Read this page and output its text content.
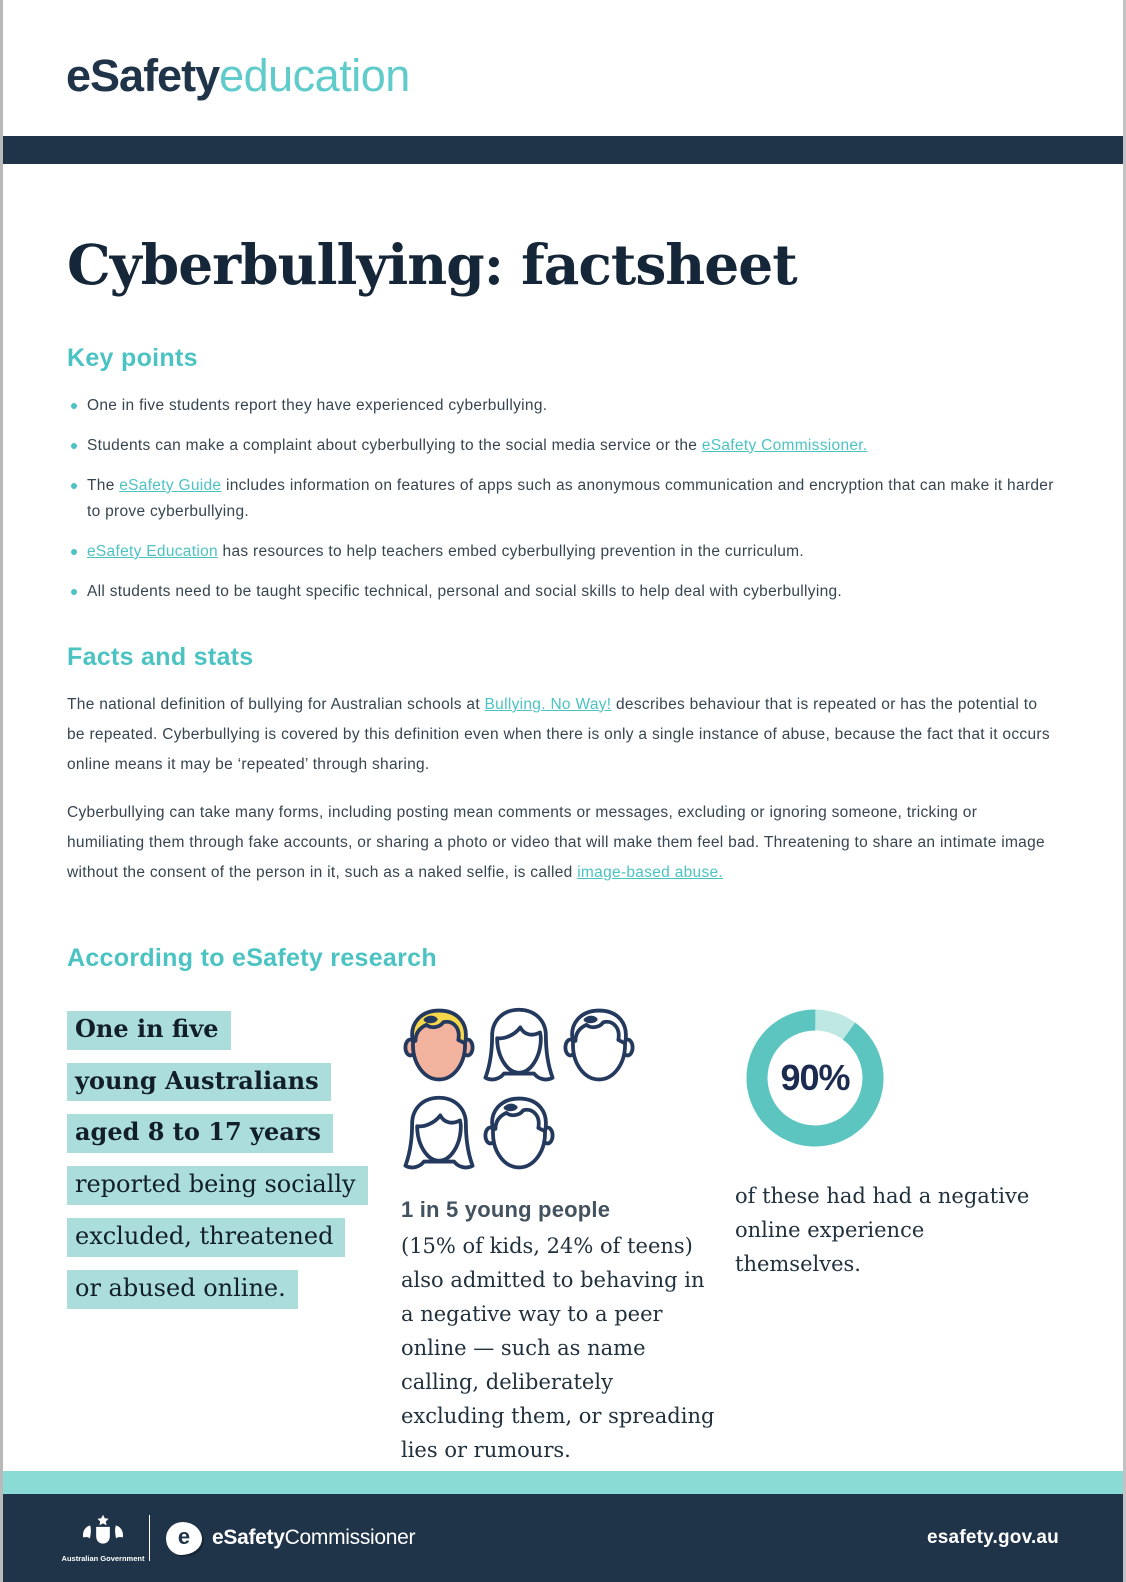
eSafetyeducation
Cyberbullying: factsheet
Key points
One in five students report they have experienced cyberbullying.
Students can make a complaint about cyberbullying to the social media service or the eSafety Commissioner.
The eSafety Guide includes information on features of apps such as anonymous communication and encryption that can make it harder to prove cyberbullying.
eSafety Education has resources to help teachers embed cyberbullying prevention in the curriculum.
All students need to be taught specific technical, personal and social skills to help deal with cyberbullying.
Facts and stats

The national definition of bullying for Australian schools at Bullying. No Way! describes behaviour that is repeated or has the potential to be repeated. Cyberbullying is covered by this definition even when there is only a single instance of abuse, because the fact that it occurs online means it may be ‘repeated’ through sharing.

Cyberbullying can take many forms, including posting mean comments or messages, excluding or ignoring someone, tricking or humiliating them through fake accounts, or sharing a photo or video that will make them feel bad. Threatening to share an intimate image without the consent of the person in it, such as a naked selfie, is called image-based abuse.

According to eSafety research
One in five
young Australians
aged 8 to 17 years
reported being socially
excluded, threatened
or abused online.

1 in 5 young people

(15% of kids, 24% of teens) also admitted to behaving in a negative way to a peer online — such as name calling, deliberately excluding them, or spreading lies or rumours.

90%

of these had had a negative online experience themselves.

Australian Government
e eSafety Commissioner	esafety.gov.au
